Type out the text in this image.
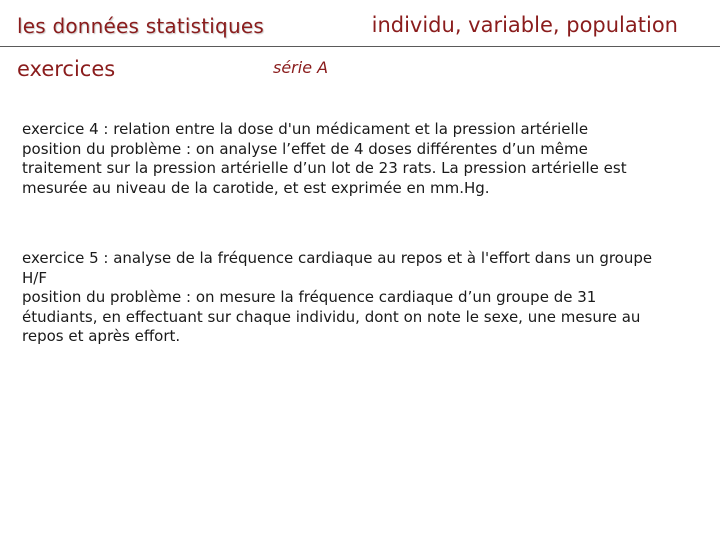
les données statistiques	individu, variable, population
exercices	série A
exercice 4 : relation entre la dose d'un médicament et la pression artérielle
position du problème : on analyse l’effet de 4 doses différentes d’un même traitement sur la pression artérielle d’un lot de 23 rats. La pression artérielle est mesurée au niveau de la carotide, et est exprimée en mm.Hg.
exercice 5 : analyse de la fréquence cardiaque au repos et à l'effort dans un groupe H/F
position du problème : on mesure la fréquence cardiaque d’un groupe de 31 étudiants, en effectuant sur chaque individu, dont on note le sexe, une mesure au repos et après effort.
